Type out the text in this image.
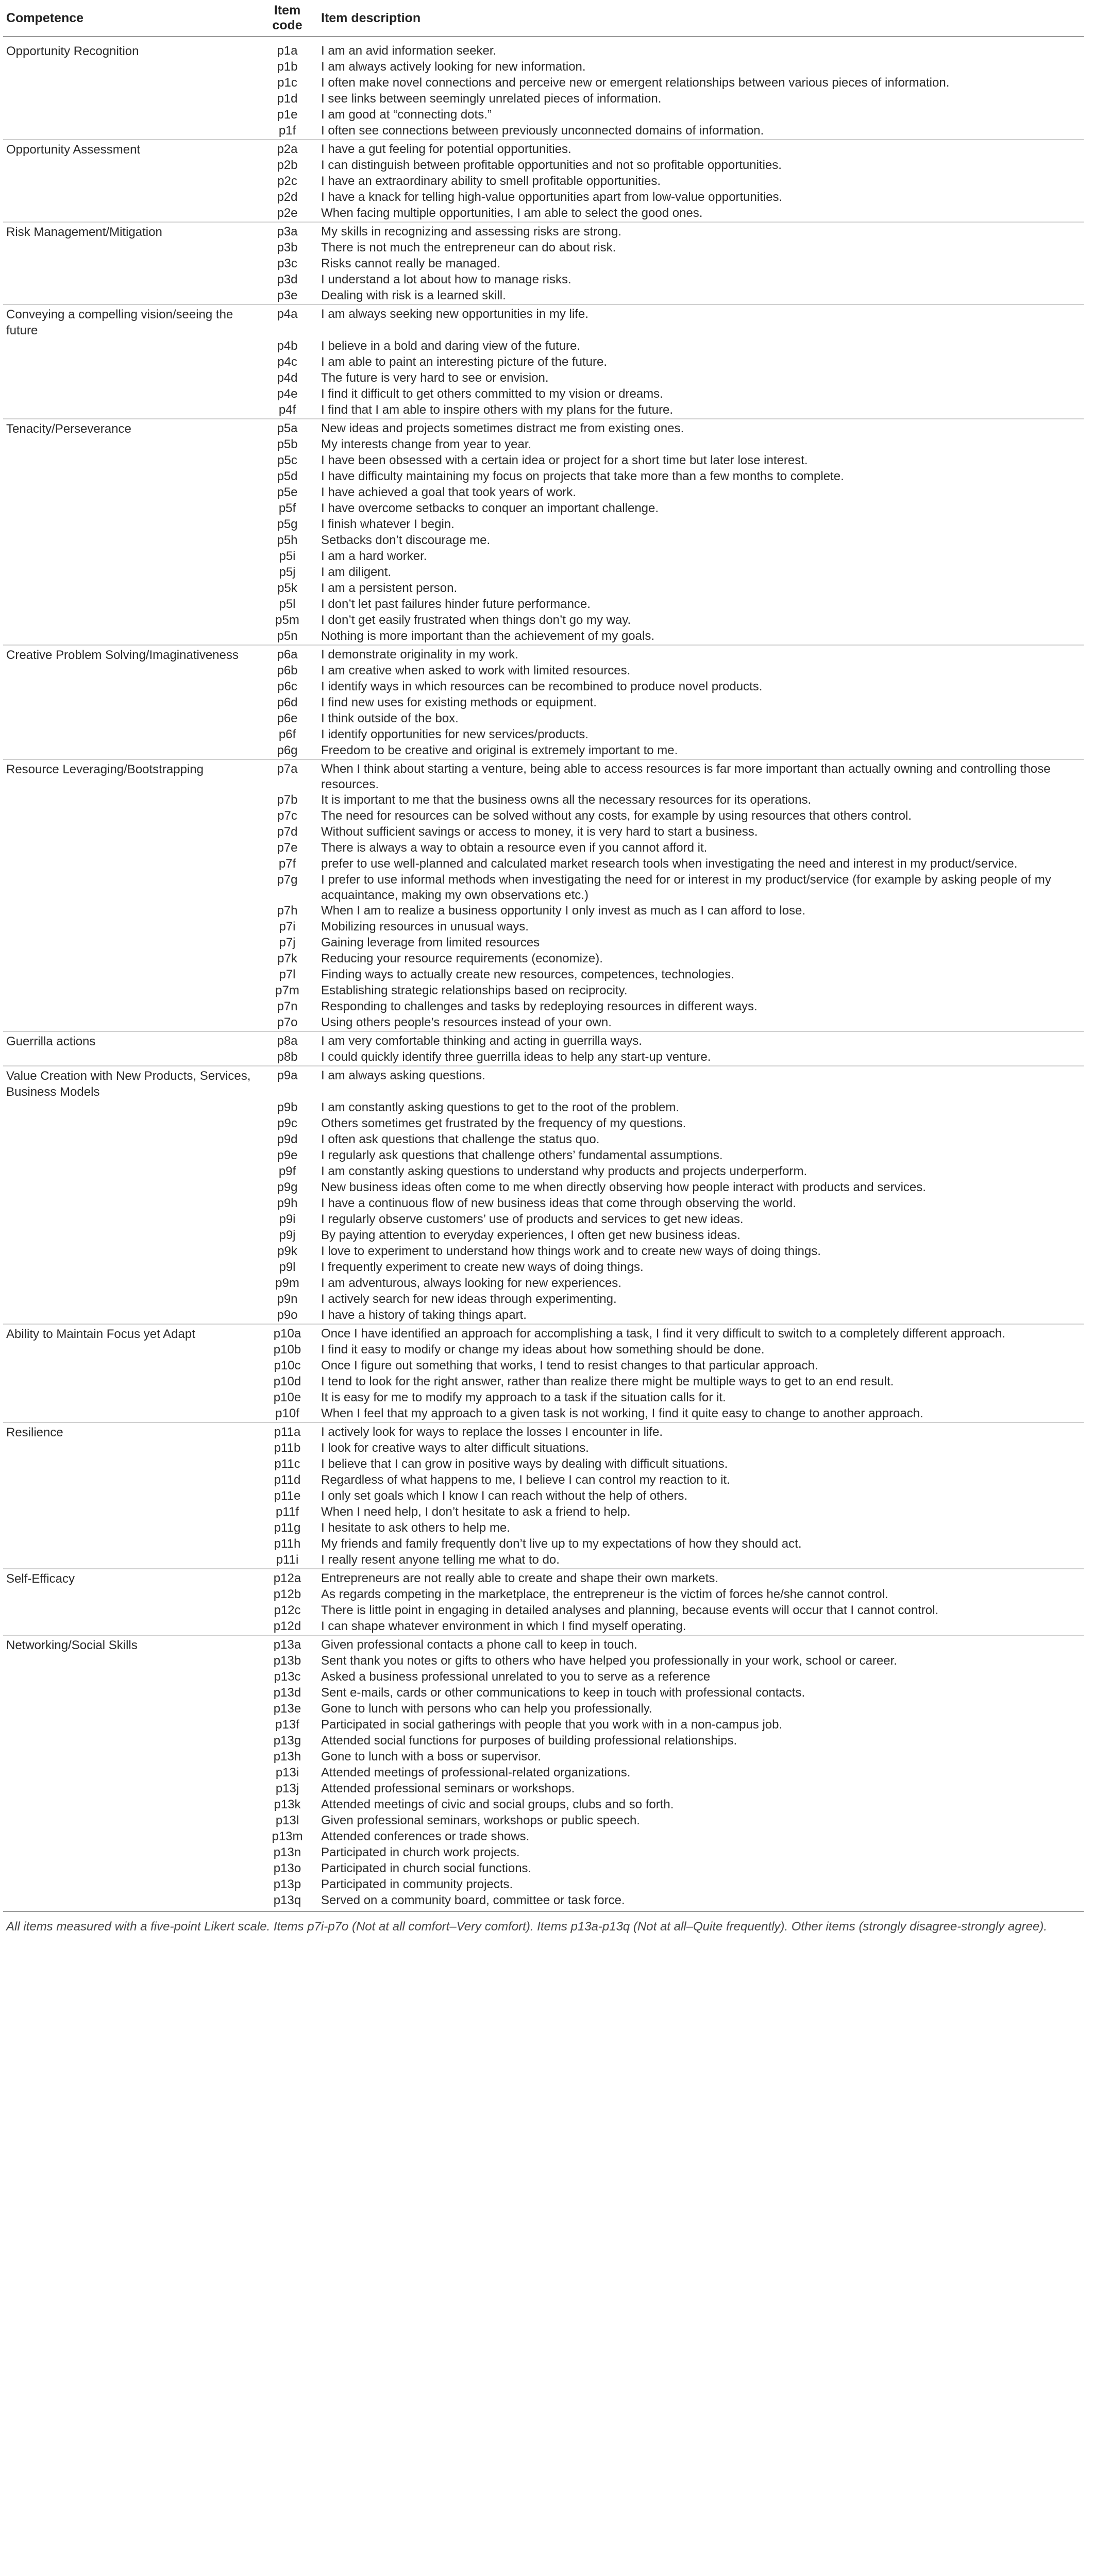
Competence	Item code	Item description
Opportunity Recognition	p1a	I am an avid information seeker.
	p1b	I am always actively looking for new information.
	p1c	I often make novel connections and perceive new or emergent relationships between various pieces of information.
	p1d	I see links between seemingly unrelated pieces of information.
	p1e	I am good at “connecting dots.”
	p1f	I often see connections between previously unconnected domains of information.
Opportunity Assessment	p2a	I have a gut feeling for potential opportunities.
	p2b	I can distinguish between profitable opportunities and not so profitable opportunities.
	p2c	I have an extraordinary ability to smell profitable opportunities.
	p2d	I have a knack for telling high-value opportunities apart from low-value opportunities.
	p2e	When facing multiple opportunities, I am able to select the good ones.
Risk Management/Mitigation	p3a	My skills in recognizing and assessing risks are strong.
	p3b	There is not much the entrepreneur can do about risk.
	p3c	Risks cannot really be managed.
	p3d	I understand a lot about how to manage risks.
	p3e	Dealing with risk is a learned skill.
Conveying a compelling vision/seeing the future	p4a	I am always seeking new opportunities in my life.
	p4b	I believe in a bold and daring view of the future.
	p4c	I am able to paint an interesting picture of the future.
	p4d	The future is very hard to see or envision.
	p4e	I find it difficult to get others committed to my vision or dreams.
	p4f	I find that I am able to inspire others with my plans for the future.
Tenacity/Perseverance	p5a	New ideas and projects sometimes distract me from existing ones.
	p5b	My interests change from year to year.
	p5c	I have been obsessed with a certain idea or project for a short time but later lose interest.
	p5d	I have difficulty maintaining my focus on projects that take more than a few months to complete.
	p5e	I have achieved a goal that took years of work.
	p5f	I have overcome setbacks to conquer an important challenge.
	p5g	I finish whatever I begin.
	p5h	Setbacks don’t discourage me.
	p5i	I am a hard worker.
	p5j	I am diligent.
	p5k	I am a persistent person.
	p5l	I don’t let past failures hinder future performance.
	p5m	I don’t get easily frustrated when things don’t go my way.
	p5n	Nothing is more important than the achievement of my goals.
Creative Problem Solving/Imaginativeness	p6a	I demonstrate originality in my work.
	p6b	I am creative when asked to work with limited resources.
	p6c	I identify ways in which resources can be recombined to produce novel products.
	p6d	I find new uses for existing methods or equipment.
	p6e	I think outside of the box.
	p6f	I identify opportunities for new services/products.
	p6g	Freedom to be creative and original is extremely important to me.
Resource Leveraging/Bootstrapping	p7a	When I think about starting a venture, being able to access resources is far more important than actually owning and controlling those resources.
	p7b	It is important to me that the business owns all the necessary resources for its operations.
	p7c	The need for resources can be solved without any costs, for example by using resources that others control.
	p7d	Without sufficient savings or access to money, it is very hard to start a business.
	p7e	There is always a way to obtain a resource even if you cannot afford it.
	p7f	prefer to use well-planned and calculated market research tools when investigating the need and interest in my product/service.
	p7g	I prefer to use informal methods when investigating the need for or interest in my product/service (for example by asking people of my acquaintance, making my own observations etc.)
	p7h	When I am to realize a business opportunity I only invest as much as I can afford to lose.
	p7i	Mobilizing resources in unusual ways.
	p7j	Gaining leverage from limited resources
	p7k	Reducing your resource requirements (economize).
	p7l	Finding ways to actually create new resources, competences, technologies.
	p7m	Establishing strategic relationships based on reciprocity.
	p7n	Responding to challenges and tasks by redeploying resources in different ways.
	p7o	Using others people’s resources instead of your own.
Guerrilla actions	p8a	I am very comfortable thinking and acting in guerrilla ways.
	p8b	I could quickly identify three guerrilla ideas to help any start-up venture.
Value Creation with New Products, Services, Business Models	p9a	I am always asking questions.
	p9b	I am constantly asking questions to get to the root of the problem.
	p9c	Others sometimes get frustrated by the frequency of my questions.
	p9d	I often ask questions that challenge the status quo.
	p9e	I regularly ask questions that challenge others’ fundamental assumptions.
	p9f	I am constantly asking questions to understand why products and projects underperform.
	p9g	New business ideas often come to me when directly observing how people interact with products and services.
	p9h	I have a continuous flow of new business ideas that come through observing the world.
	p9i	I regularly observe customers’ use of products and services to get new ideas.
	p9j	By paying attention to everyday experiences, I often get new business ideas.
	p9k	I love to experiment to understand how things work and to create new ways of doing things.
	p9l	I frequently experiment to create new ways of doing things.
	p9m	I am adventurous, always looking for new experiences.
	p9n	I actively search for new ideas through experimenting.
	p9o	I have a history of taking things apart.
Ability to Maintain Focus yet Adapt	p10a	Once I have identified an approach for accomplishing a task, I find it very difficult to switch to a completely different approach.
	p10b	I find it easy to modify or change my ideas about how something should be done.
	p10c	Once I figure out something that works, I tend to resist changes to that particular approach.
	p10d	I tend to look for the right answer, rather than realize there might be multiple ways to get to an end result.
	p10e	It is easy for me to modify my approach to a task if the situation calls for it.
	p10f	When I feel that my approach to a given task is not working, I find it quite easy to change to another approach.
Resilience	p11a	I actively look for ways to replace the losses I encounter in life.
	p11b	I look for creative ways to alter difficult situations.
	p11c	I believe that I can grow in positive ways by dealing with difficult situations.
	p11d	Regardless of what happens to me, I believe I can control my reaction to it.
	p11e	I only set goals which I know I can reach without the help of others.
	p11f	When I need help, I don’t hesitate to ask a friend to help.
	p11g	I hesitate to ask others to help me.
	p11h	My friends and family frequently don’t live up to my expectations of how they should act.
	p11i	I really resent anyone telling me what to do.
Self-Efficacy	p12a	Entrepreneurs are not really able to create and shape their own markets.
	p12b	As regards competing in the marketplace, the entrepreneur is the victim of forces he/she cannot control.
	p12c	There is little point in engaging in detailed analyses and planning, because events will occur that I cannot control.
	p12d	I can shape whatever environment in which I find myself operating.
Networking/Social Skills	p13a	Given professional contacts a phone call to keep in touch.
	p13b	Sent thank you notes or gifts to others who have helped you professionally in your work, school or career.
	p13c	Asked a business professional unrelated to you to serve as a reference
	p13d	Sent e-mails, cards or other communications to keep in touch with professional contacts.
	p13e	Gone to lunch with persons who can help you professionally.
	p13f	Participated in social gatherings with people that you work with in a non-campus job.
	p13g	Attended social functions for purposes of building professional relationships.
	p13h	Gone to lunch with a boss or supervisor.
	p13i	Attended meetings of professional-related organizations.
	p13j	Attended professional seminars or workshops.
	p13k	Attended meetings of civic and social groups, clubs and so forth.
	p13l	Given professional seminars, workshops or public speech.
	p13m	Attended conferences or trade shows.
	p13n	Participated in church work projects.
	p13o	Participated in church social functions.
	p13p	Participated in community projects.
	p13q	Served on a community board, committee or task force.
All items measured with a five-point Likert scale. Items p7i-p7o (Not at all comfort–Very comfort). Items p13a-p13q (Not at all–Quite frequently). Other items (strongly disagree-strongly agree).
